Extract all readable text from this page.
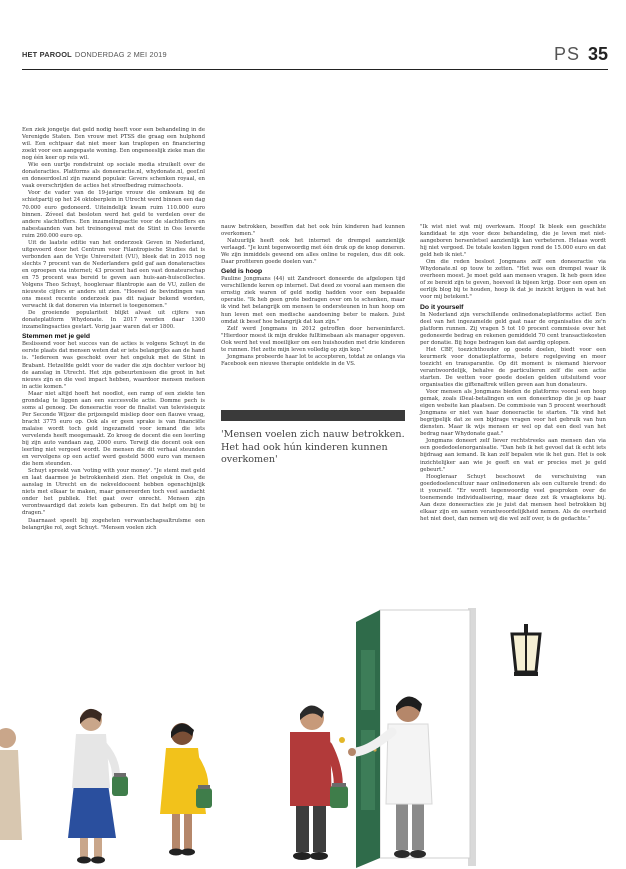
HET PAROOL DONDERDAG 2 MEI 2019	PS 35

Een ziek jongetje dat geld nodig heeft voor een behandeling in de Verenigde Staten. Een vrouw met PTSS die graag een hulphond wil. Een echtpaar dat niet meer kan traplopen en financiering zoekt voor een aangepaste woning. Een ongeneeslijk zieke man die nog één keer op reis wil.

Wie een uurtje rondstruint op sociale media struikelt over de donateracties. Platforms als doneeractie.nl, whydonate.nl, geef.nl en doneerdoel.nl zijn razend populair. Gevers schenken royaal, en vaak overschrijden de acties het streefbedrag ruimschoots.

Voor de vader van de 19-jarige vrouw die omkwam bij de schietpartij op het 24 oktoberplein in Utrecht werd binnen een dag 70.000 euro gedoneerd. Uiteindelijk kwam ruim 110.000 euro binnen. Zóveel dat besloten werd het geld te verdelen over de andere slachtoffers. Een inzamelingsactie voor de slachtoffers en nabestaanden van het treinongeval met de Stint in Oss leverde ruim 260.000 euro op.

Uit de laatste editie van het onderzoek Geven in Nederland, uitgevoerd door het Centrum voor Filantropische Studies dat is verbonden aan de Vrije Universiteit (VU), bleek dat in 2015 nog slechts 7 procent van de Nederlanders geld gaf aan donateracties en oproepen via internet; 43 procent had een vast donateurschap en 75 procent was bereid te geven aan huis-aan-huiscollectes. Volgens Theo Schuyt, hoogleraar filantropie aan de VU, zullen de nieuwste cijfers er anders uit zien. "Hoewel de bevindingen van ons meest recente onderzoek pas dit najaar bekend worden, verwacht ik dat doneren via internet is toegenomen."

De groeiende populariteit blijkt alvast uit cijfers van donateplatform Whydonate. In 2017 werden daar 1300 inzamelingsacties gestart. Vorig jaar waren dat er 1800.

Stemmen met je geld

Beslissend voor het succes van de acties is volgens Schuyt in de eerste plaats dat mensen weten dat er iets belangrijks aan de hand is. "Iedereen was geschokt over het ongeluk met de Stint in Brabant. Hetzelfde geldt voor de vader die zijn dochter verloor bij de aanslag in Utrecht. Het zijn gebeurtenissen die groot in het nieuws zijn en die veel impact hebben, waardoor mensen meteen in actie komen."

Maar niet altijd hoeft het noodlot, een ramp of een ziekte ten grondslag te liggen aan een succesvolle actie. Domme pech is soms al genoeg. De doneeractie voor de finalist van televisiequiz Per Seconde Wijzer die prijzengeld misliep door een flauwe vraag, bracht 3775 euro op. Ook als er geen sprake is van financiële malaise wordt toch geld ingezameld voor iemand die iets vervelends heeft meegemaakt. Zo kreeg de docent die een leerling bij zijn auto vandaan zag, 2000 euro. Terwijl die docent ook een leerling niet vergoed wordt. De mensen die dit verhaal steunden en vervolgens op een actief werd gesteld 5000 euro van mensen die hem steunden.

Schuyt spreekt van 'voting with your money'. "Je stemt met geld en laat daarmee je betrokkenheid zien. Het ongeluk in Oss, de aanslag in Utrecht en de nekveldoceent hebben ogenschijnlijk niets met elkaar te maken, maar genereerden toch veel aandacht onder het publiek. Het gaat over onrecht. Mensen zijn verontwaardigd dat zoiets kan gebeuren. En dat helpt om bij te dragen."

Daarnaast speelt bij zogeheten verwantschapsaltruïsme een belangrijke rol, zegt Schuyt. "Mensen voelen zich

nauw betrokken, beseffen dat het ook hún kinderen had kunnen overkomen."

Natuurlijk heeft ook het internet de drempel aanzienlijk verlaagd. "Je kunt tegenwoordig met één druk op de knop doneren. We zijn inmiddels gewend om alles online te regelen, dus dit ook. Daar profiteren goede doelen van."

Geld is hoop

Pauline Jongmans (44) uit Zandvoort doneerde de afgelopen tijd verschillende keren op internet. Dat deed ze vooral aan mensen die ernstig ziek waren of geld nodig hadden voor een bepaalde operatie. "Ik heb geen grote bedragen over om te schenken, maar ik vind het belangrijk om mensen te ondersteunen in hun hoop om hun leven met een medische aandoening beter te maken. Juist omdat ik besef hoe belangrijk dat kan zijn."

Zelf werd Jongmans in 2012 getroffen door herseninfarct. "Hierdoor moest ik mijn drukke fulltimebaan als manager opgeven. Ook werd het veel moeilijker om een huishouden met drie kinderen te runnen. Het zette mijn leven volledig op zijn kop."

Jongmans probeerde haar lot te accepteren, totdat ze onlangs via Facebook een nieuwe therapie ontdekte in de VS.

'Mensen voelen zich nauw betrokken. Het had ook hún kinderen kunnen overkomen'

"Ik wist niet wat mij overkwam. Hoop! Ik bleek een geschikte kandidaat te zijn voor deze behandeling, die je leven met niet-aangeboren hersenletsel aanzienlijk kan verbeteren. Helaas wordt hij niet vergoed. De totale kosten liggen rond de 15.000 euro en dat geld heb ik niet."

Om die reden besloot Jongmans zelf een doneeractie via Whydonate.nl op touw te zetten. "Het was een drempel waar ik overheen moest. Je moet geld aan mensen vragen. Ik heb geen idee of ze bereid zijn te geven, hoeveel ik bijeen krijg. Door een open en eerlijk blog bij te houden, hoop ik dat je inzicht krijgen in wat het voor mij betekent."

Do it yourself

In Nederland zijn verschillende onlinedonateplatforms actief. Een deel van het ingezamelde geld gaat naar de organisaties die ze'n platform runnen. Zij vragen 5 tot 10 procent commissie over het gedoneerde bedrag en rekenen gemiddeld 70 cent transactiekosten per donatie. Bij hoge bedragen kan dat aardig oplopen.

Het CBF, toezichthouder op goede doelen, biedt voor een keurmerk voor donatieplatforms, betere regelgeving en meer toezicht en transparantie. Op dit moment is niemand hiervoor verantwoordelijk, behalve de particulieren zelf die een actie starten. De wetten voor goede doelen gelden uitsluitend voor organisaties die giftenaftrek willen geven aan hun donateurs.

Voor mensen als Jongmans bieden de platforms vooral een hoop gemak, zoals iDeal-betalingen en een doneerknop die je op haar eigen website kan plaatsen. De commissie van 5 procent weerhoudt Jongmans er niet van haar doneeractie te starten. "Ik vind het begrijpelijk dat ze een bijdrage vragen voor het gebruik van hun diensten. Maar ik wijs mensen er wel op dat een deel van het bedrag naar Whydonate gaat."

Jongmans doneert zelf liever rechtstreeks aan mensen dan via een goededoelenorganisatie. "Dan heb ik het gevoel dat ik echt iets bijdraag aan iemand. Ik kan zelf bepalen wie ik het gun. Het is ook inzichtelijker aan wie je geeft en wat er precies met je geld gebeurt."

Hoogleraar Schuyt beschouwt de verschuiving van goededoelencultuur naar onlinedoneren als een culturele trend: do it yourself. "Er wordt tegenwoordig veel gesproken over de toenemende individualisering, maar deze zet ik vraagtekens bij. Aan deze doneeracties zie je juist dat mensen heel betrokken bij elkaar zijn en samen verantwoordelijkheid nemen. Als de overheid het niet doet, dan nemen wij die wel zelf over, is de gedachte."
